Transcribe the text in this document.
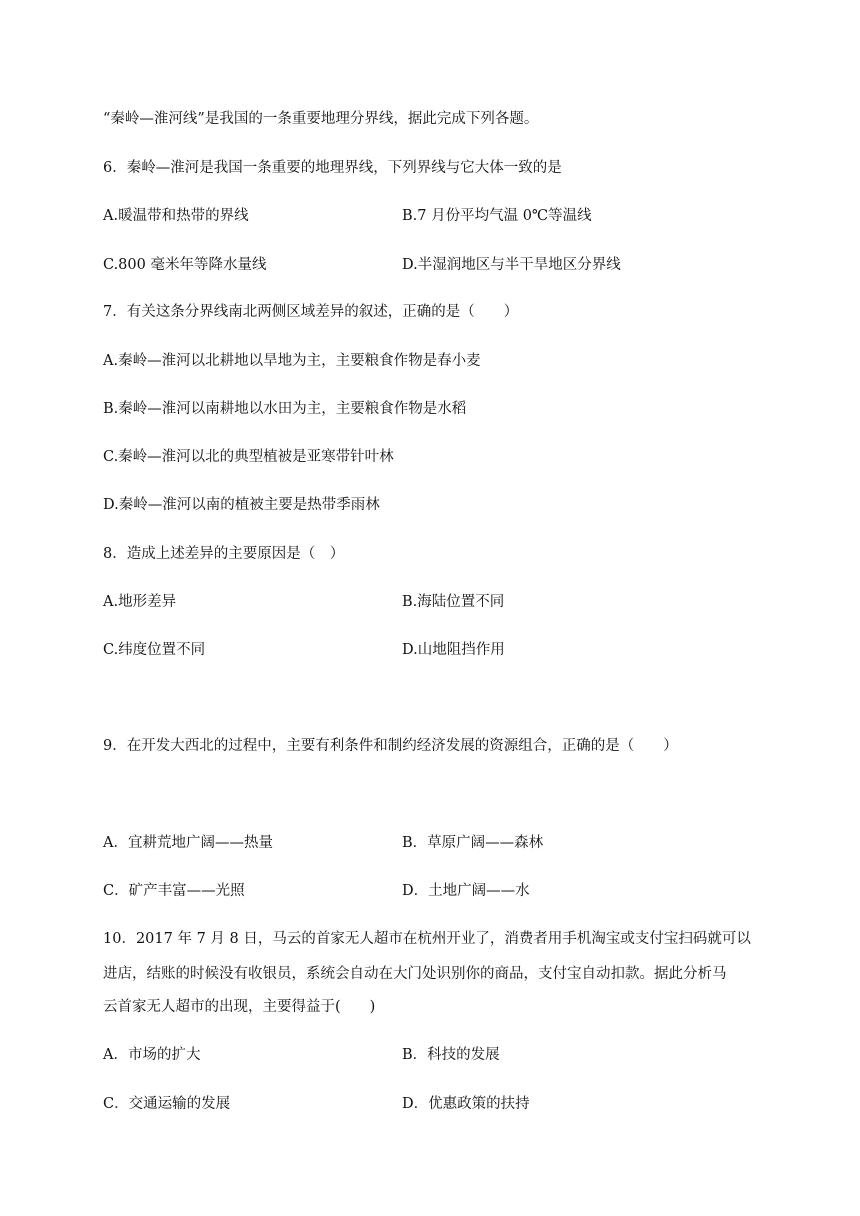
“秦岭—淮河线”是我国的一条重要地理分界线，据此完成下列各题。
6．秦岭—淮河是我国一条重要的地理界线，下列界线与它大体一致的是
A.暖温带和热带的界线	B.7 月份平均气温 0℃等温线
C.800 毫米年等降水量线	D.半湿润地区与半干旱地区分界线
7．有关这条分界线南北两侧区域差异的叙述，正确的是（　　）
A.秦岭—淮河以北耕地以旱地为主，主要粮食作物是春小麦
B.秦岭—淮河以南耕地以水田为主，主要粮食作物是水稻
C.秦岭—淮河以北的典型植被是亚寒带针叶林
D.秦岭—淮河以南的植被主要是热带季雨林
8．造成上述差异的主要原因是（　）
A.地形差异	B.海陆位置不同
C.纬度位置不同	D.山地阻挡作用
9．在开发大西北的过程中，主要有利条件和制约经济发展的资源组合，正确的是（　　）
A．宜耕荒地广阔——热量	B．草原广阔——森林
C．矿产丰富——光照	D．土地广阔——水
10．2017 年 7 月 8 日，马云的首家无人超市在杭州开业了，消费者用手机淘宝或支付宝扫码就可以
进店，结账的时候没有收银员，系统会自动在大门处识别你的商品，支付宝自动扣款。据此分析马
云首家无人超市的出现，主要得益于(　　)
A．市场的扩大	B．科技的发展
C．交通运输的发展	D．优惠政策的扶持
